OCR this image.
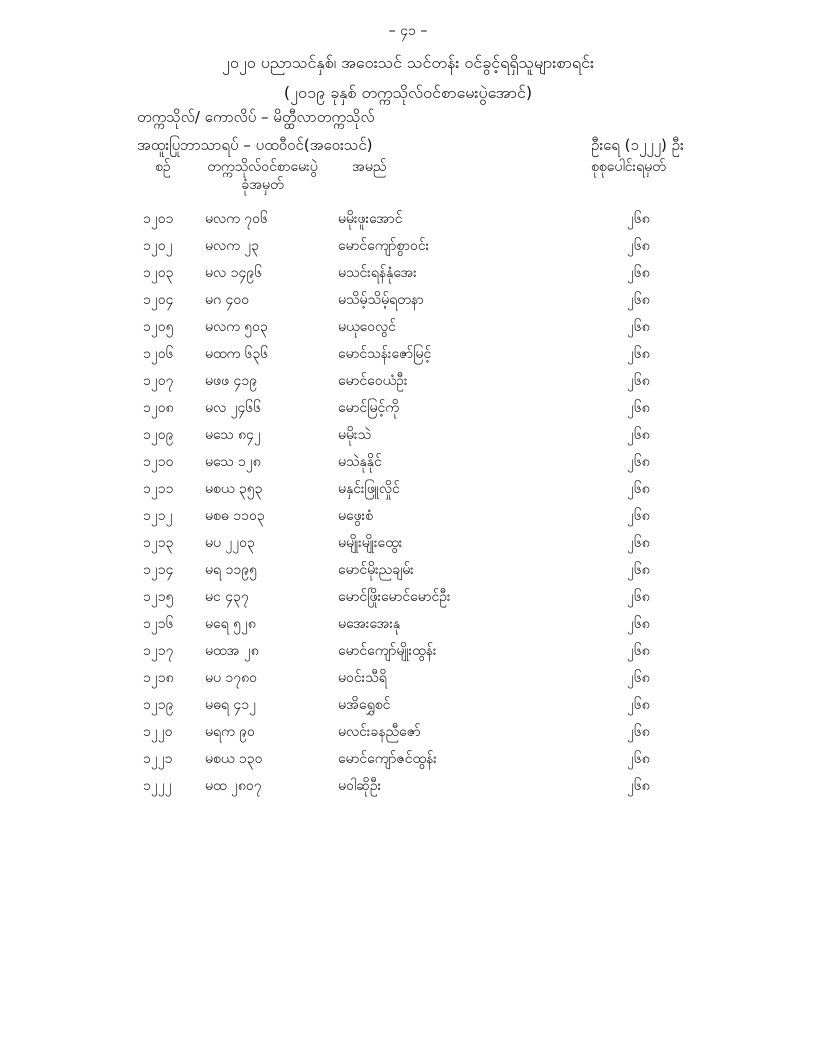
– ၄၁ –
၂၀၂၀ ပညာသင်နှစ်၊ အဝေးသင် သင်တန်း ဝင်ခွင့်ရရှိသူများစာရင်း
(၂၀၁၉ ခုနှစ် တက္ကသိုလ်ဝင်စာမေးပွဲအောင်)
တက္ကသိုလ်/ ကောလိပ် – မိတ္ထီလာတက္ကသိုလ်
အထူးပြုဘာသာရပ် – ပထဝီဝင်(အဝေးသင်)	ဦးရေ (၁၂၂၂) ဦး
စဉ်	တက္ကသိုလ်ဝင်စာမေးပွဲ
ခုံအမှတ်
အမည်	စုစုပေါင်းရမှတ်
၁၂၀၁ မလက ၇၀၆	မမိုးဖူးအောင်	၂၆၈
၁၂၀၂ မလက ၂၃	မောင်ကျော်စွာဝင်း	၂၆၈
၁၂၀၃ မလ ၁၄၉၆	မသင်းရန်နုံအေး	၂၆၈
၁၂၀၄ မဂ ၄၀၀	မသိမ့်သိမ့်ရတနာ	၂၆၈
၁၂၀၅ မလက ၅၀၃	မယုဝေလွင်	၂၆၈
၁၂၀၆ မထက ၆၃၆	မောင်သန်းဇော်မြင့်	၂၆၈
၁၂၀၇ မဖဖ ၄၁၉	မောင်ဝေယံဦး	၂၆၈
၁၂၀၈ မလ ၂၄၆၆	မောင်မြင့်ကို	၂၆၈
၁၂၀၉ မသေ ၈၄၂	မမိုးသဲ	၂၆၈
၁၂၁၀ မသေ ၁၂၈	မသဲနုနိုင်	၂၆၈
၁၂၁၁ မစယ ၃၅၃	မနှင်းဖြူလှိုင်	၂၆၈
၁၂၁၂ မစဓ ၁၁၀၃	မဖွေးစံ	၂၆၈
၁၂၁၃ မပ ၂၂၀၃	မမျိုးမျိုးထွေး	၂၆၈
၁၂၁၄ မရ ၁၁၉၅	မောင်မိုးညချမ်း	၂၆၈
၁၂၁၅ မင ၄၃၇	မောင်ဖြိုးမောင်မောင်ဦး	၂၆၈
၁၂၁၆ မရေ ၅၂၈	မအေးအေးနု	၂၆၈
၁၂၁၇ မထအ ၂၈	မောင်ကျော်မျိုးထွန်း	၂၆၈
၁၂၁၈ မပ ၁၇၈၀	မဝင်းသီရိ	၂၆၈
၁၂၁၉ မဓရ ၄၁၂	မအိရွှေစင်	၂၆၈
၁၂၂၀ မရက ၉၀	မလင်းခနညီဇော်	၂၆၈
၁၂၂၁ မစယ ၁၃၀	မောင်ကျော်ဇင်ထွန်း	၂၆၈
၁၂၂၂ မထ ၂၈၀၇	မဝါဆိုဦး	၂၆၈
